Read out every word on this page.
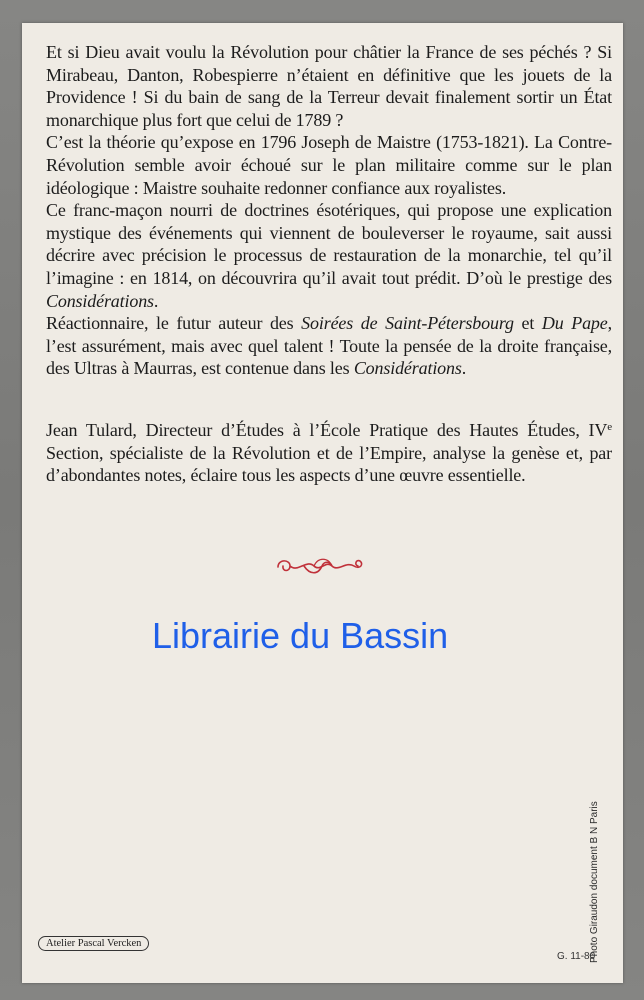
Et si Dieu avait voulu la Révolution pour châtier la France de ses péchés ? Si Mirabeau, Danton, Robespierre n’étaient en définitive que les jouets de la Providence ! Si du bain de sang de la Terreur devait finalement sortir un État monarchique plus fort que celui de 1789 ?

C’est la théorie qu’expose en 1796 Joseph de Maistre (1753-1821). La Contre-Révolution semble avoir échoué sur le plan militaire comme sur le plan idéologique : Maistre souhaite redonner confiance aux royalistes.

Ce franc-maçon nourri de doctrines ésotériques, qui propose une explication mystique des événements qui viennent de bouleverser le royaume, sait aussi décrire avec précision le processus de restauration de la monarchie, tel qu’il l’imagine : en 1814, on découvrira qu’il avait tout prédit. D’où le prestige des Considérations.

Réactionnaire, le futur auteur des Soirées de Saint-Pétersbourg et Du Pape, l’est assurément, mais avec quel talent ! Toute la pensée de la droite française, des Ultras à Maurras, est contenue dans les Considérations.

Jean Tulard, Directeur d’Études à l’École Pratique des Hautes Études, IVe Section, spécialiste de la Révolution et de l’Empire, analyse la genèse et, par d’abondantes notes, éclaire tous les aspects d’une œuvre essentielle.

Librairie du Bassin
Photo Giraudon document B N Paris
Atelier Pascal Vercken
G. 11-80
